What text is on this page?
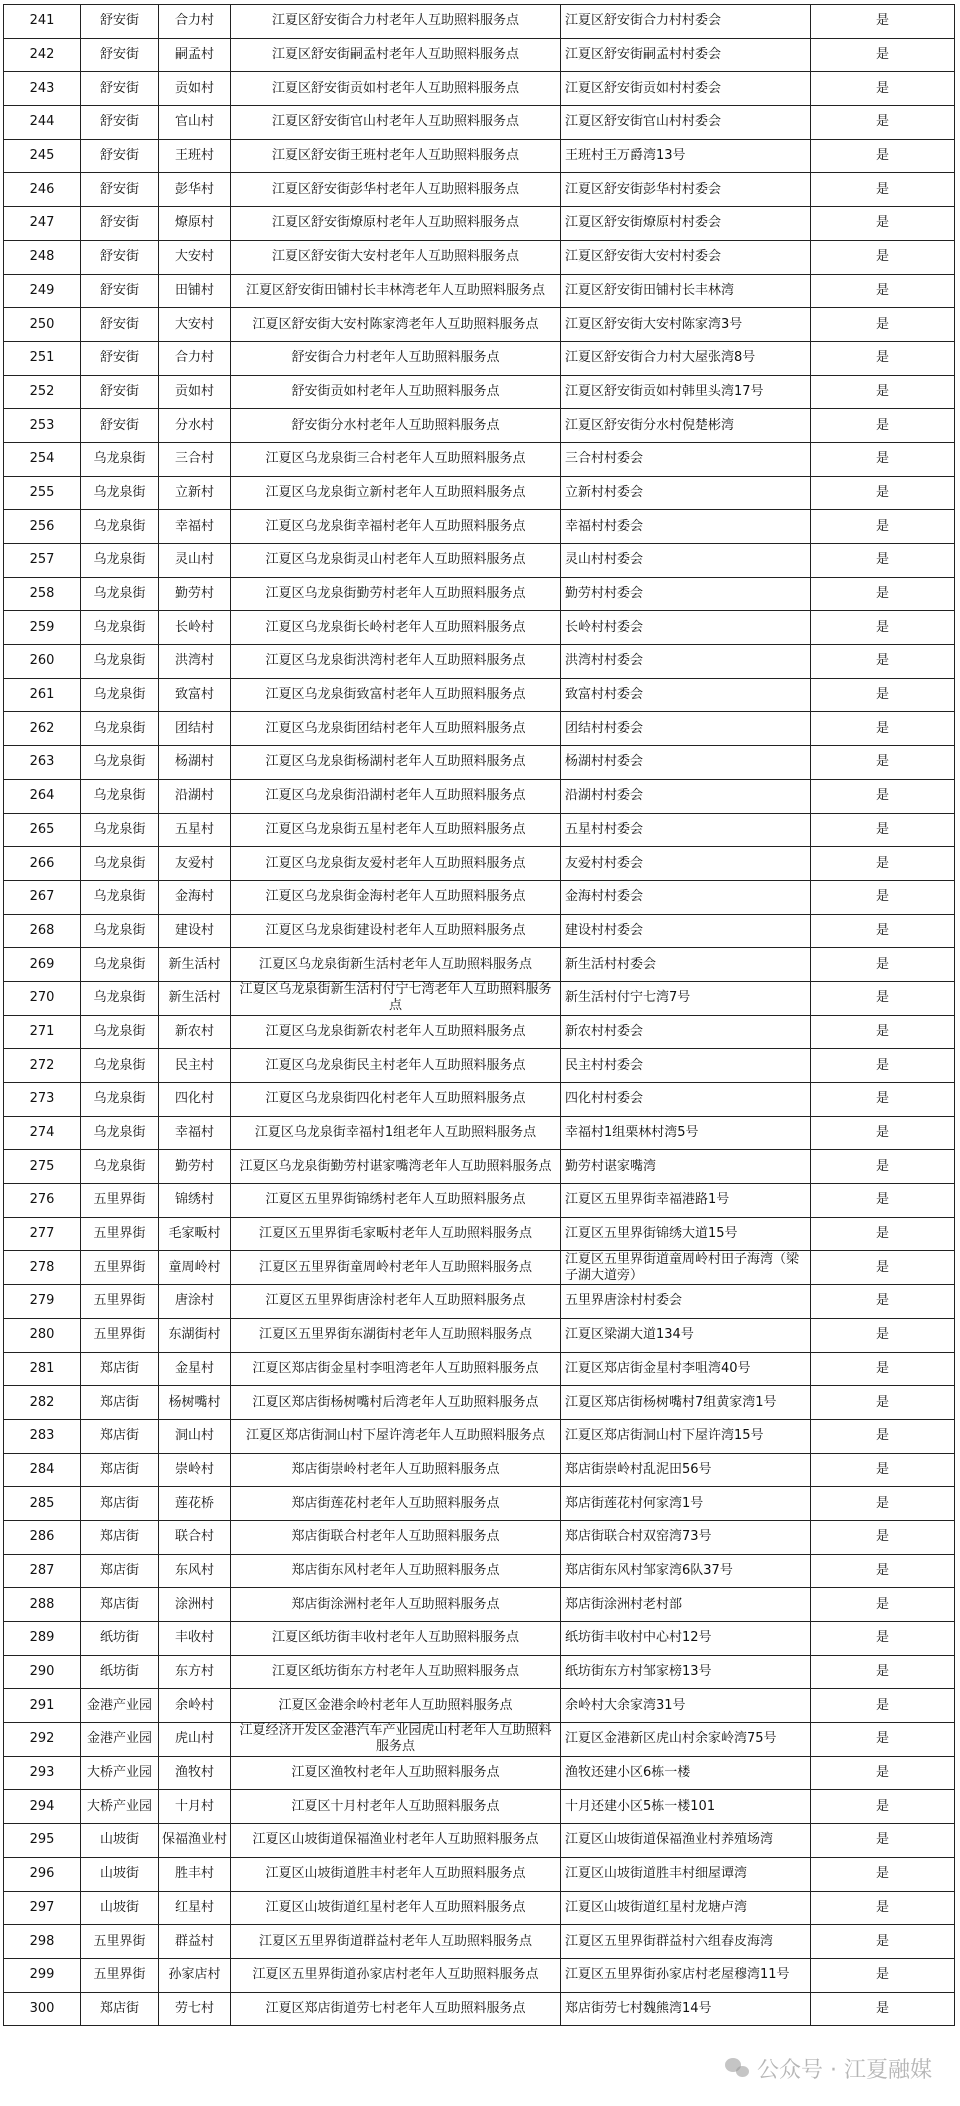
241	舒安街	合力村	江夏区舒安街合力村老年人互助照料服务点	江夏区舒安街合力村村委会	是
242	舒安街	嗣孟村	江夏区舒安街嗣孟村老年人互助照料服务点	江夏区舒安街嗣孟村村委会	是
243	舒安街	贡如村	江夏区舒安街贡如村老年人互助照料服务点	江夏区舒安街贡如村村委会	是
244	舒安街	官山村	江夏区舒安街官山村老年人互助照料服务点	江夏区舒安街官山村村委会	是
245	舒安街	王班村	江夏区舒安街王班村老年人互助照料服务点	王班村王万爵湾13号	是
246	舒安街	彭华村	江夏区舒安街彭华村老年人互助照料服务点	江夏区舒安街彭华村村委会	是
247	舒安街	燎原村	江夏区舒安街燎原村老年人互助照料服务点	江夏区舒安街燎原村村委会	是
248	舒安街	大安村	江夏区舒安街大安村老年人互助照料服务点	江夏区舒安街大安村村委会	是
249	舒安街	田铺村	江夏区舒安街田铺村长丰林湾老年人互助照料服务点	江夏区舒安街田铺村长丰林湾	是
250	舒安街	大安村	江夏区舒安街大安村陈家湾老年人互助照料服务点	江夏区舒安街大安村陈家湾3号	是
251	舒安街	合力村	舒安街合力村老年人互助照料服务点	江夏区舒安街合力村大屋张湾8号	是
252	舒安街	贡如村	舒安街贡如村老年人互助照料服务点	江夏区舒安街贡如村韩里头湾17号	是
253	舒安街	分水村	舒安街分水村老年人互助照料服务点	江夏区舒安街分水村倪楚彬湾	是
254	乌龙泉街	三合村	江夏区乌龙泉街三合村老年人互助照料服务点	三合村村委会	是
255	乌龙泉街	立新村	江夏区乌龙泉街立新村老年人互助照料服务点	立新村村委会	是
256	乌龙泉街	幸福村	江夏区乌龙泉街幸福村老年人互助照料服务点	幸福村村委会	是
257	乌龙泉街	灵山村	江夏区乌龙泉街灵山村老年人互助照料服务点	灵山村村委会	是
258	乌龙泉街	勤劳村	江夏区乌龙泉街勤劳村老年人互助照料服务点	勤劳村村委会	是
259	乌龙泉街	长岭村	江夏区乌龙泉街长岭村老年人互助照料服务点	长岭村村委会	是
260	乌龙泉街	洪湾村	江夏区乌龙泉街洪湾村老年人互助照料服务点	洪湾村村委会	是
261	乌龙泉街	致富村	江夏区乌龙泉街致富村老年人互助照料服务点	致富村村委会	是
262	乌龙泉街	团结村	江夏区乌龙泉街团结村老年人互助照料服务点	团结村村委会	是
263	乌龙泉街	杨湖村	江夏区乌龙泉街杨湖村老年人互助照料服务点	杨湖村村委会	是
264	乌龙泉街	沿湖村	江夏区乌龙泉街沿湖村老年人互助照料服务点	沿湖村村委会	是
265	乌龙泉街	五星村	江夏区乌龙泉街五星村老年人互助照料服务点	五星村村委会	是
266	乌龙泉街	友爱村	江夏区乌龙泉街友爱村老年人互助照料服务点	友爱村村委会	是
267	乌龙泉街	金海村	江夏区乌龙泉街金海村老年人互助照料服务点	金海村村委会	是
268	乌龙泉街	建设村	江夏区乌龙泉街建设村老年人互助照料服务点	建设村村委会	是
269	乌龙泉街	新生活村	江夏区乌龙泉街新生活村老年人互助照料服务点	新生活村村委会	是
270	乌龙泉街	新生活村	江夏区乌龙泉街新生活村付宁七湾老年人互助照料服务点	新生活村付宁七湾7号	是
271	乌龙泉街	新农村	江夏区乌龙泉街新农村老年人互助照料服务点	新农村村委会	是
272	乌龙泉街	民主村	江夏区乌龙泉街民主村老年人互助照料服务点	民主村村委会	是
273	乌龙泉街	四化村	江夏区乌龙泉街四化村老年人互助照料服务点	四化村村委会	是
274	乌龙泉街	幸福村	江夏区乌龙泉街幸福村1组老年人互助照料服务点	幸福村1组栗林村湾5号	是
275	乌龙泉街	勤劳村	江夏区乌龙泉街勤劳村谌家嘴湾老年人互助照料服务点	勤劳村谌家嘴湾	是
276	五里界街	锦绣村	江夏区五里界街锦绣村老年人互助照料服务点	江夏区五里界街幸福港路1号	是
277	五里界街	毛家畈村	江夏区五里界街毛家畈村老年人互助照料服务点	江夏区五里界街锦绣大道15号	是
278	五里界街	童周岭村	江夏区五里界街童周岭村老年人互助照料服务点	江夏区五里界街道童周岭村田子海湾（梁子湖大道旁）	是
279	五里界街	唐涂村	江夏区五里界街唐涂村老年人互助照料服务点	五里界唐涂村村委会	是
280	五里界街	东湖街村	江夏区五里界街东湖街村老年人互助照料服务点	江夏区梁湖大道134号	是
281	郑店街	金星村	江夏区郑店街金星村李咀湾老年人互助照料服务点	江夏区郑店街金星村李咀湾40号	是
282	郑店街	杨树嘴村	江夏区郑店街杨树嘴村后湾老年人互助照料服务点	江夏区郑店街杨树嘴村7组黄家湾1号	是
283	郑店街	洞山村	江夏区郑店街洞山村下屋许湾老年人互助照料服务点	江夏区郑店街洞山村下屋许湾15号	是
284	郑店街	崇岭村	郑店街崇岭村老年人互助照料服务点	郑店街崇岭村乱泥田56号	是
285	郑店街	莲花桥	郑店街莲花村老年人互助照料服务点	郑店街莲花村何家湾1号	是
286	郑店街	联合村	郑店街联合村老年人互助照料服务点	郑店街联合村双窑湾73号	是
287	郑店街	东风村	郑店街东风村老年人互助照料服务点	郑店街东风村邹家湾6队37号	是
288	郑店街	涂洲村	郑店街涂洲村老年人互助照料服务点	郑店街涂洲村老村部	是
289	纸坊街	丰收村	江夏区纸坊街丰收村老年人互助照料服务点	纸坊街丰收村中心村12号	是
290	纸坊街	东方村	江夏区纸坊街东方村老年人互助照料服务点	纸坊街东方村邹家榜13号	是
291	金港产业园	余岭村	江夏区金港余岭村老年人互助照料服务点	余岭村大余家湾31号	是
292	金港产业园	虎山村	江夏经济开发区金港汽车产业园虎山村老年人互助照料服务点	江夏区金港新区虎山村余家岭湾75号	是
293	大桥产业园	渔牧村	江夏区渔牧村老年人互助照料服务点	渔牧还建小区6栋一楼	是
294	大桥产业园	十月村	江夏区十月村老年人互助照料服务点	十月还建小区5栋一楼101	是
295	山坡街	保福渔业村	江夏区山坡街道保福渔业村老年人互助照料服务点	江夏区山坡街道保福渔业村养殖场湾	是
296	山坡街	胜丰村	江夏区山坡街道胜丰村老年人互助照料服务点	江夏区山坡街道胜丰村细屋谭湾	是
297	山坡街	红星村	江夏区山坡街道红星村老年人互助照料服务点	江夏区山坡街道红星村龙塘卢湾	是
298	五里界街	群益村	江夏区五里界街道群益村老年人互助照料服务点	江夏区五里界街群益村六组春皮海湾	是
299	五里界街	孙家店村	江夏区五里界街道孙家店村老年人互助照料服务点	江夏区五里界街孙家店村老屋穆湾11号	是
300	郑店街	劳七村	江夏区郑店街道劳七村老年人互助照料服务点	郑店街劳七村魏熊湾14号	是
公众号 · 江夏融媒
